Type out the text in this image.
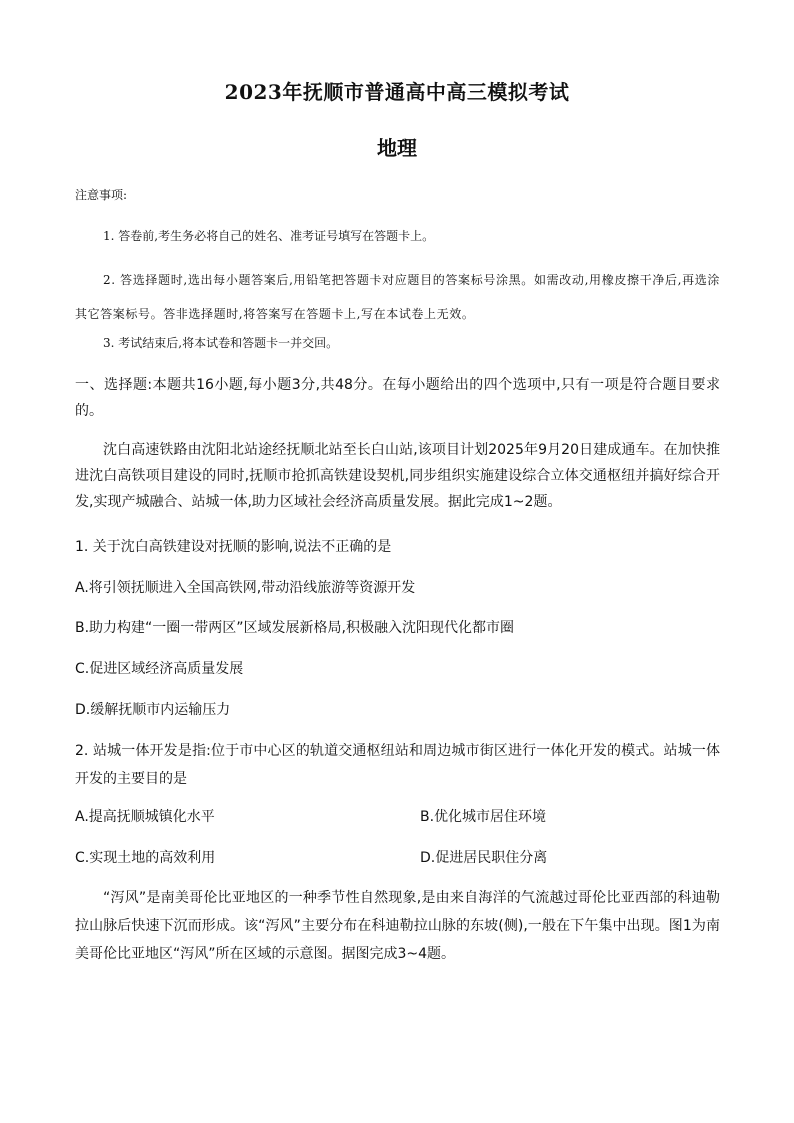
2023年抚顺市普通高中高三模拟考试
地理
注意事项:
1. 答卷前,考生务必将自己的姓名、准考证号填写在答题卡上。
2. 答选择题时,选出每小题答案后,用铅笔把答题卡对应题目的答案标号涂黑。如需改动,用橡皮擦干净后,再选涂其它答案标号。答非选择题时,将答案写在答题卡上,写在本试卷上无效。
3. 考试结束后,将本试卷和答题卡一并交回。
一、选择题:本题共16小题,每小题3分,共48分。在每小题给出的四个选项中,只有一项是符合题目要求的。
沈白高速铁路由沈阳北站途经抚顺北站至长白山站,该项目计划2025年9月20日建成通车。在加快推进沈白高铁项目建设的同时,抚顺市抢抓高铁建设契机,同步组织实施建设综合立体交通枢纽并搞好综合开发,实现产城融合、站城一体,助力区域社会经济高质量发展。据此完成1~2题。
1. 关于沈白高铁建设对抚顺的影响,说法不正确的是
A.将引领抚顺进入全国高铁网,带动沿线旅游等资源开发
B.助力构建“一圈一带两区”区域发展新格局,积极融入沈阳现代化都市圈
C.促进区域经济高质量发展
D.缓解抚顺市内运输压力
2. 站城一体开发是指:位于市中心区的轨道交通枢纽站和周边城市街区进行一体化开发的模式。站城一体开发的主要目的是
A.提高抚顺城镇化水平	B.优化城市居住环境
C.实现土地的高效利用	D.促进居民职住分离
“泻风”是南美哥伦比亚地区的一种季节性自然现象,是由来自海洋的气流越过哥伦比亚西部的科迪勒拉山脉后快速下沉而形成。该“泻风”主要分布在科迪勒拉山脉的东坡(侧),一般在下午集中出现。图1为南美哥伦比亚地区“泻风”所在区域的示意图。据图完成3~4题。
